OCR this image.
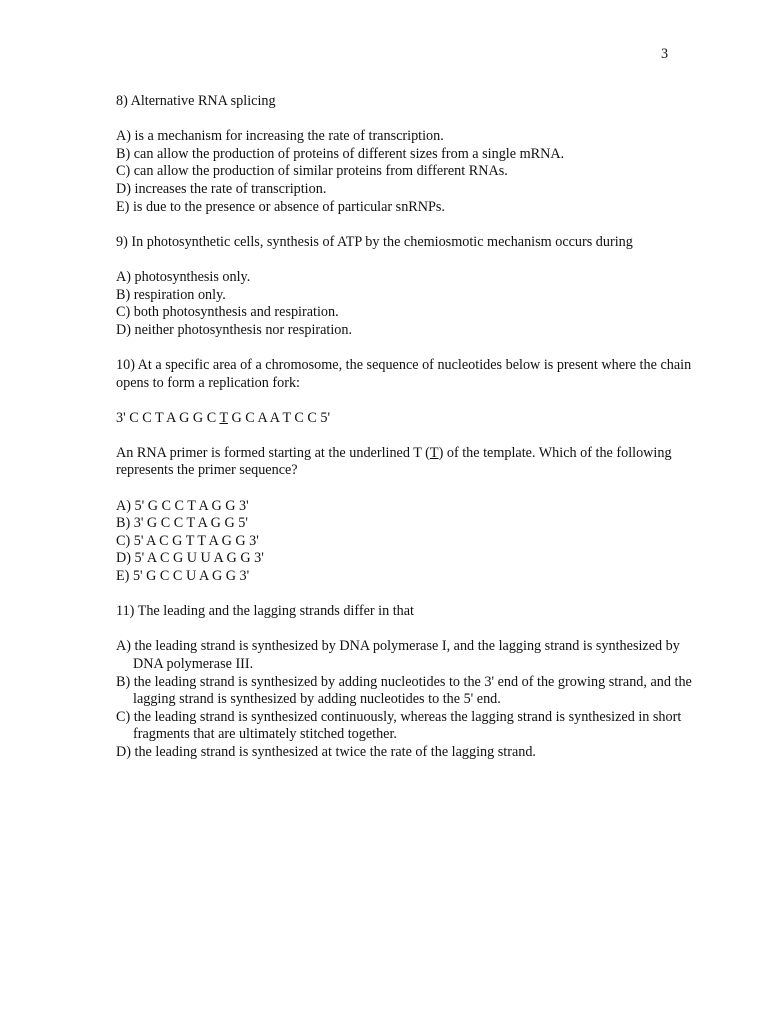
3

8) Alternative RNA splicing

A) is a mechanism for increasing the rate of transcription.
B) can allow the production of proteins of different sizes from a single mRNA.
C) can allow the production of similar proteins from different RNAs.
D) increases the rate of transcription.
E) is due to the presence or absence of particular snRNPs.

9) In photosynthetic cells, synthesis of ATP by the chemiosmotic mechanism occurs during

A) photosynthesis only.
B) respiration only.
C) both photosynthesis and respiration.
D) neither photosynthesis nor respiration.

10) At a specific area of a chromosome, the sequence of nucleotides below is present where the chain opens to form a replication fork:

3' C C T A G G C T G C A A T C C 5'

An RNA primer is formed starting at the underlined T (T) of the template. Which of the following represents the primer sequence?

A) 5' G C C T A G G 3'
B) 3' G C C T A G G 5'
C) 5' A C G T T A G G 3'
D) 5' A C G U U A G G 3'
E) 5' G C C U A G G 3'

11) The leading and the lagging strands differ in that

A) the leading strand is synthesized by DNA polymerase I, and the lagging strand is synthesized by DNA polymerase III.
B) the leading strand is synthesized by adding nucleotides to the 3' end of the growing strand, and the lagging strand is synthesized by adding nucleotides to the 5' end.
C) the leading strand is synthesized continuously, whereas the lagging strand is synthesized in short fragments that are ultimately stitched together.
D) the leading strand is synthesized at twice the rate of the lagging strand.
